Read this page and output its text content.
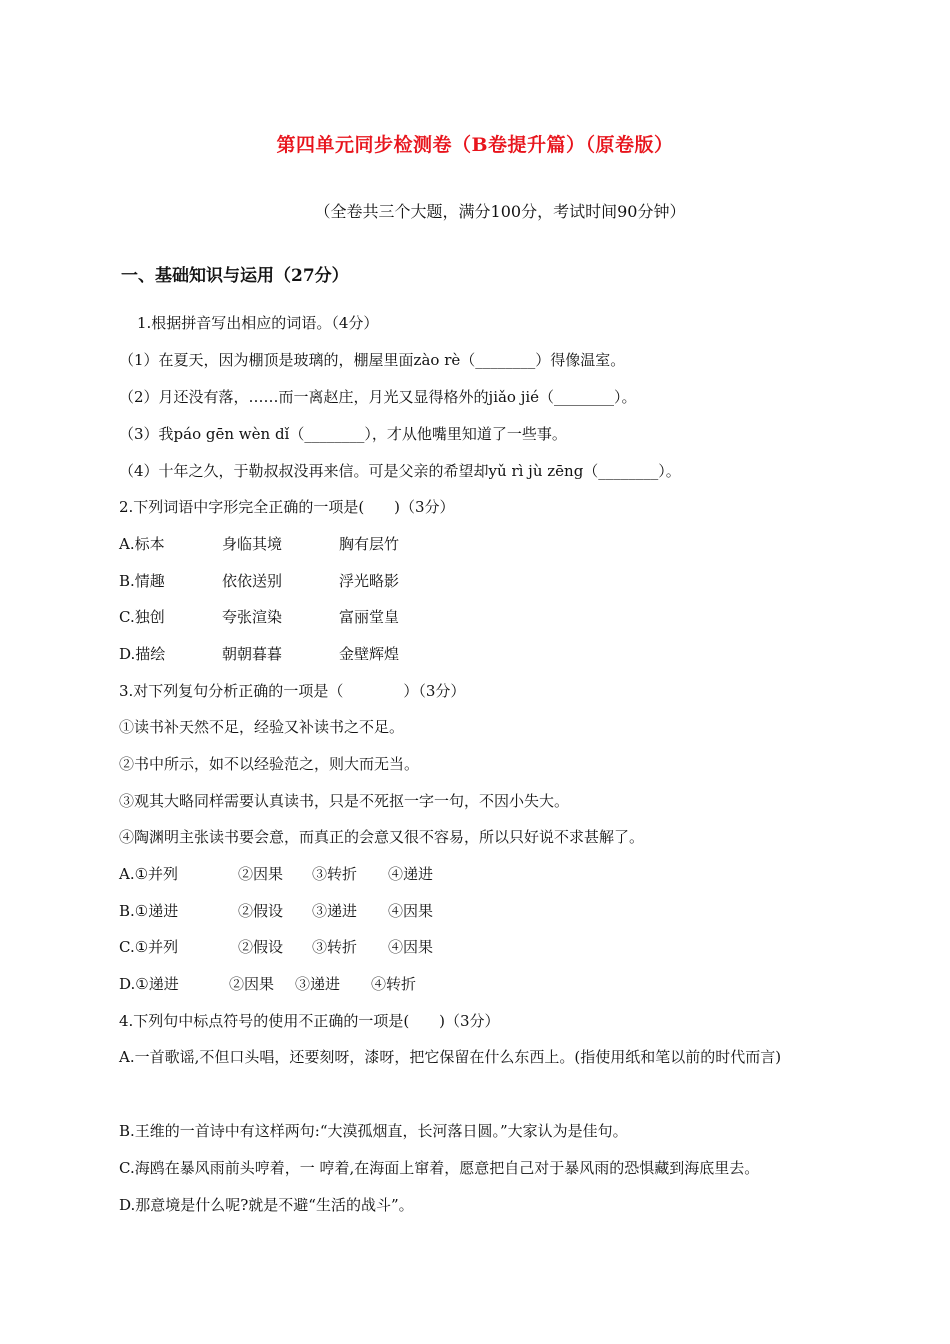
第四单元同步检测卷（B卷提升篇）（原卷版）
（全卷共三个大题，满分100分，考试时间90分钟）
一、基础知识与运用（27分）
1.根据拼音写出相应的词语。（4分）
（1）在夏天，因为棚顶是玻璃的，棚屋里面zào rè（________）得像温室。
（2）月还没有落，……而一离赵庄，月光又显得格外的jiǎo jié（________）。
（3）我páo gēn wèn dǐ（________），才从他嘴里知道了一些事。
（4）十年之久，于勒叔叔没再来信。可是父亲的希望却yǔ rì jù zēng（________）。
2.下列词语中字形完全正确的一项是(　　)（3分）
A.标本	身临其境	胸有层竹
B.情趣	依依送别	浮光略影
C.独创	夸张渲染	富丽堂皇
D.描绘	朝朝暮暮	金壁辉煌
3.对下列复句分析正确的一项是（　　　　）（3分）
①读书补天然不足，经验又补读书之不足。
②书中所示，如不以经验范之，则大而无当。
③观其大略同样需要认真读书，只是不死抠一字一句，不因小失大。
④陶渊明主张读书要会意，而真正的会意又很不容易，所以只好说不求甚解了。
A.①并列	②因果 ③转折 ④递进
B.①递进	②假设 ③递进 ④因果
C.①并列	②假设 ③转折 ④因果
D.①递进	②因果 ③递进 ④转折
4.下列句中标点符号的使用不正确的一项是(　　)（3分）
A.一首歌谣,不但口头唱，还要刻呀，漆呀，把它保留在什么东西上。(指使用纸和笔以前的时代而言)
B.王维的一首诗中有这样两句:“大漠孤烟直，长河落日圆。”大家认为是佳句。
C.海鸥在暴风雨前头哼着，一 哼着,在海面上窜着，愿意把自己对于暴风雨的恐惧藏到海底里去。
D.那意境是什么呢?就是不避“生活的战斗”。
